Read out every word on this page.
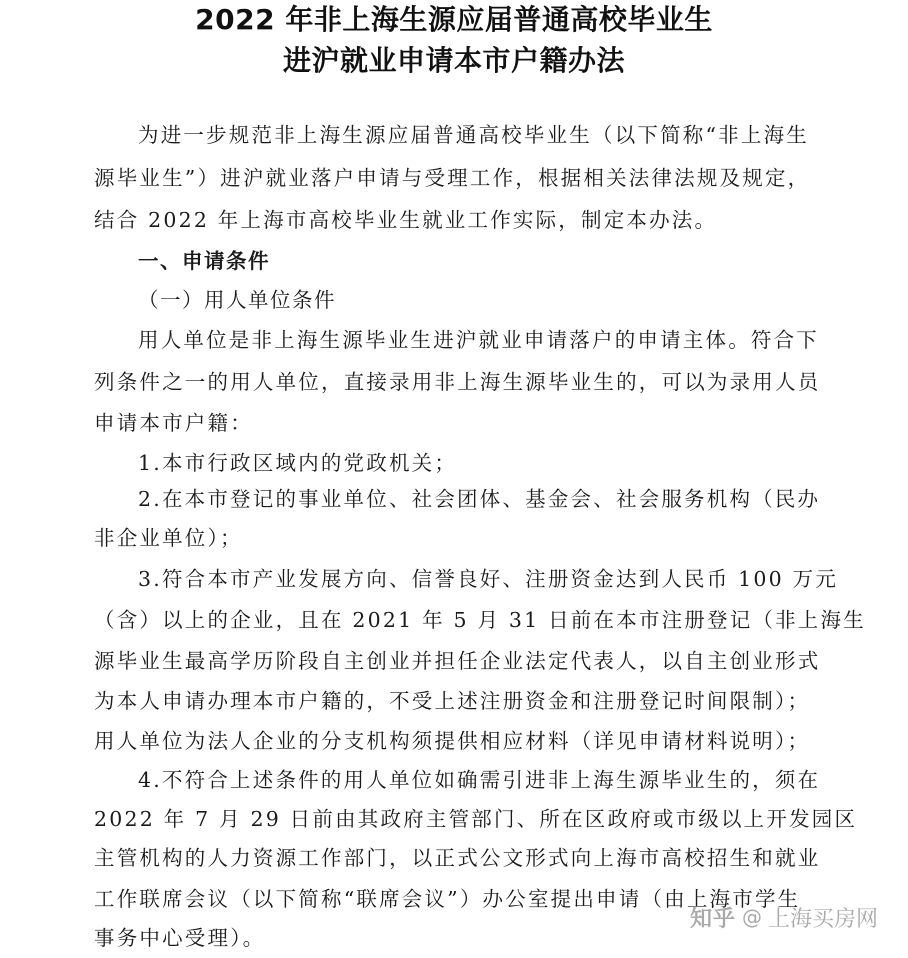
2022 年非上海生源应届普通高校毕业生
进沪就业申请本市户籍办法
为进一步规范非上海生源应届普通高校毕业生（以下简称“非上海生
源毕业生”）进沪就业落户申请与受理工作，根据相关法律法规及规定，
结合 2022 年上海市高校毕业生就业工作实际，制定本办法。
一、申请条件
（一）用人单位条件
用人单位是非上海生源毕业生进沪就业申请落户的申请主体。符合下
列条件之一的用人单位，直接录用非上海生源毕业生的，可以为录用人员
申请本市户籍：
1.本市行政区域内的党政机关；
2.在本市登记的事业单位、社会团体、基金会、社会服务机构（民办
非企业单位）；
3.符合本市产业发展方向、信誉良好、注册资金达到人民币 100 万元
（含）以上的企业，且在 2021 年 5 月 31 日前在本市注册登记（非上海生
源毕业生最高学历阶段自主创业并担任企业法定代表人，以自主创业形式
为本人申请办理本市户籍的，不受上述注册资金和注册登记时间限制）；
用人单位为法人企业的分支机构须提供相应材料（详见申请材料说明）；
4.不符合上述条件的用人单位如确需引进非上海生源毕业生的，须在
2022 年 7 月 29 日前由其政府主管部门、所在区政府或市级以上开发园区
主管机构的人力资源工作部门，以正式公文形式向上海市高校招生和就业
工作联席会议（以下简称“联席会议”）办公室提出申请（由上海市学生
事务中心受理）。
知乎 @ 上海买房网
